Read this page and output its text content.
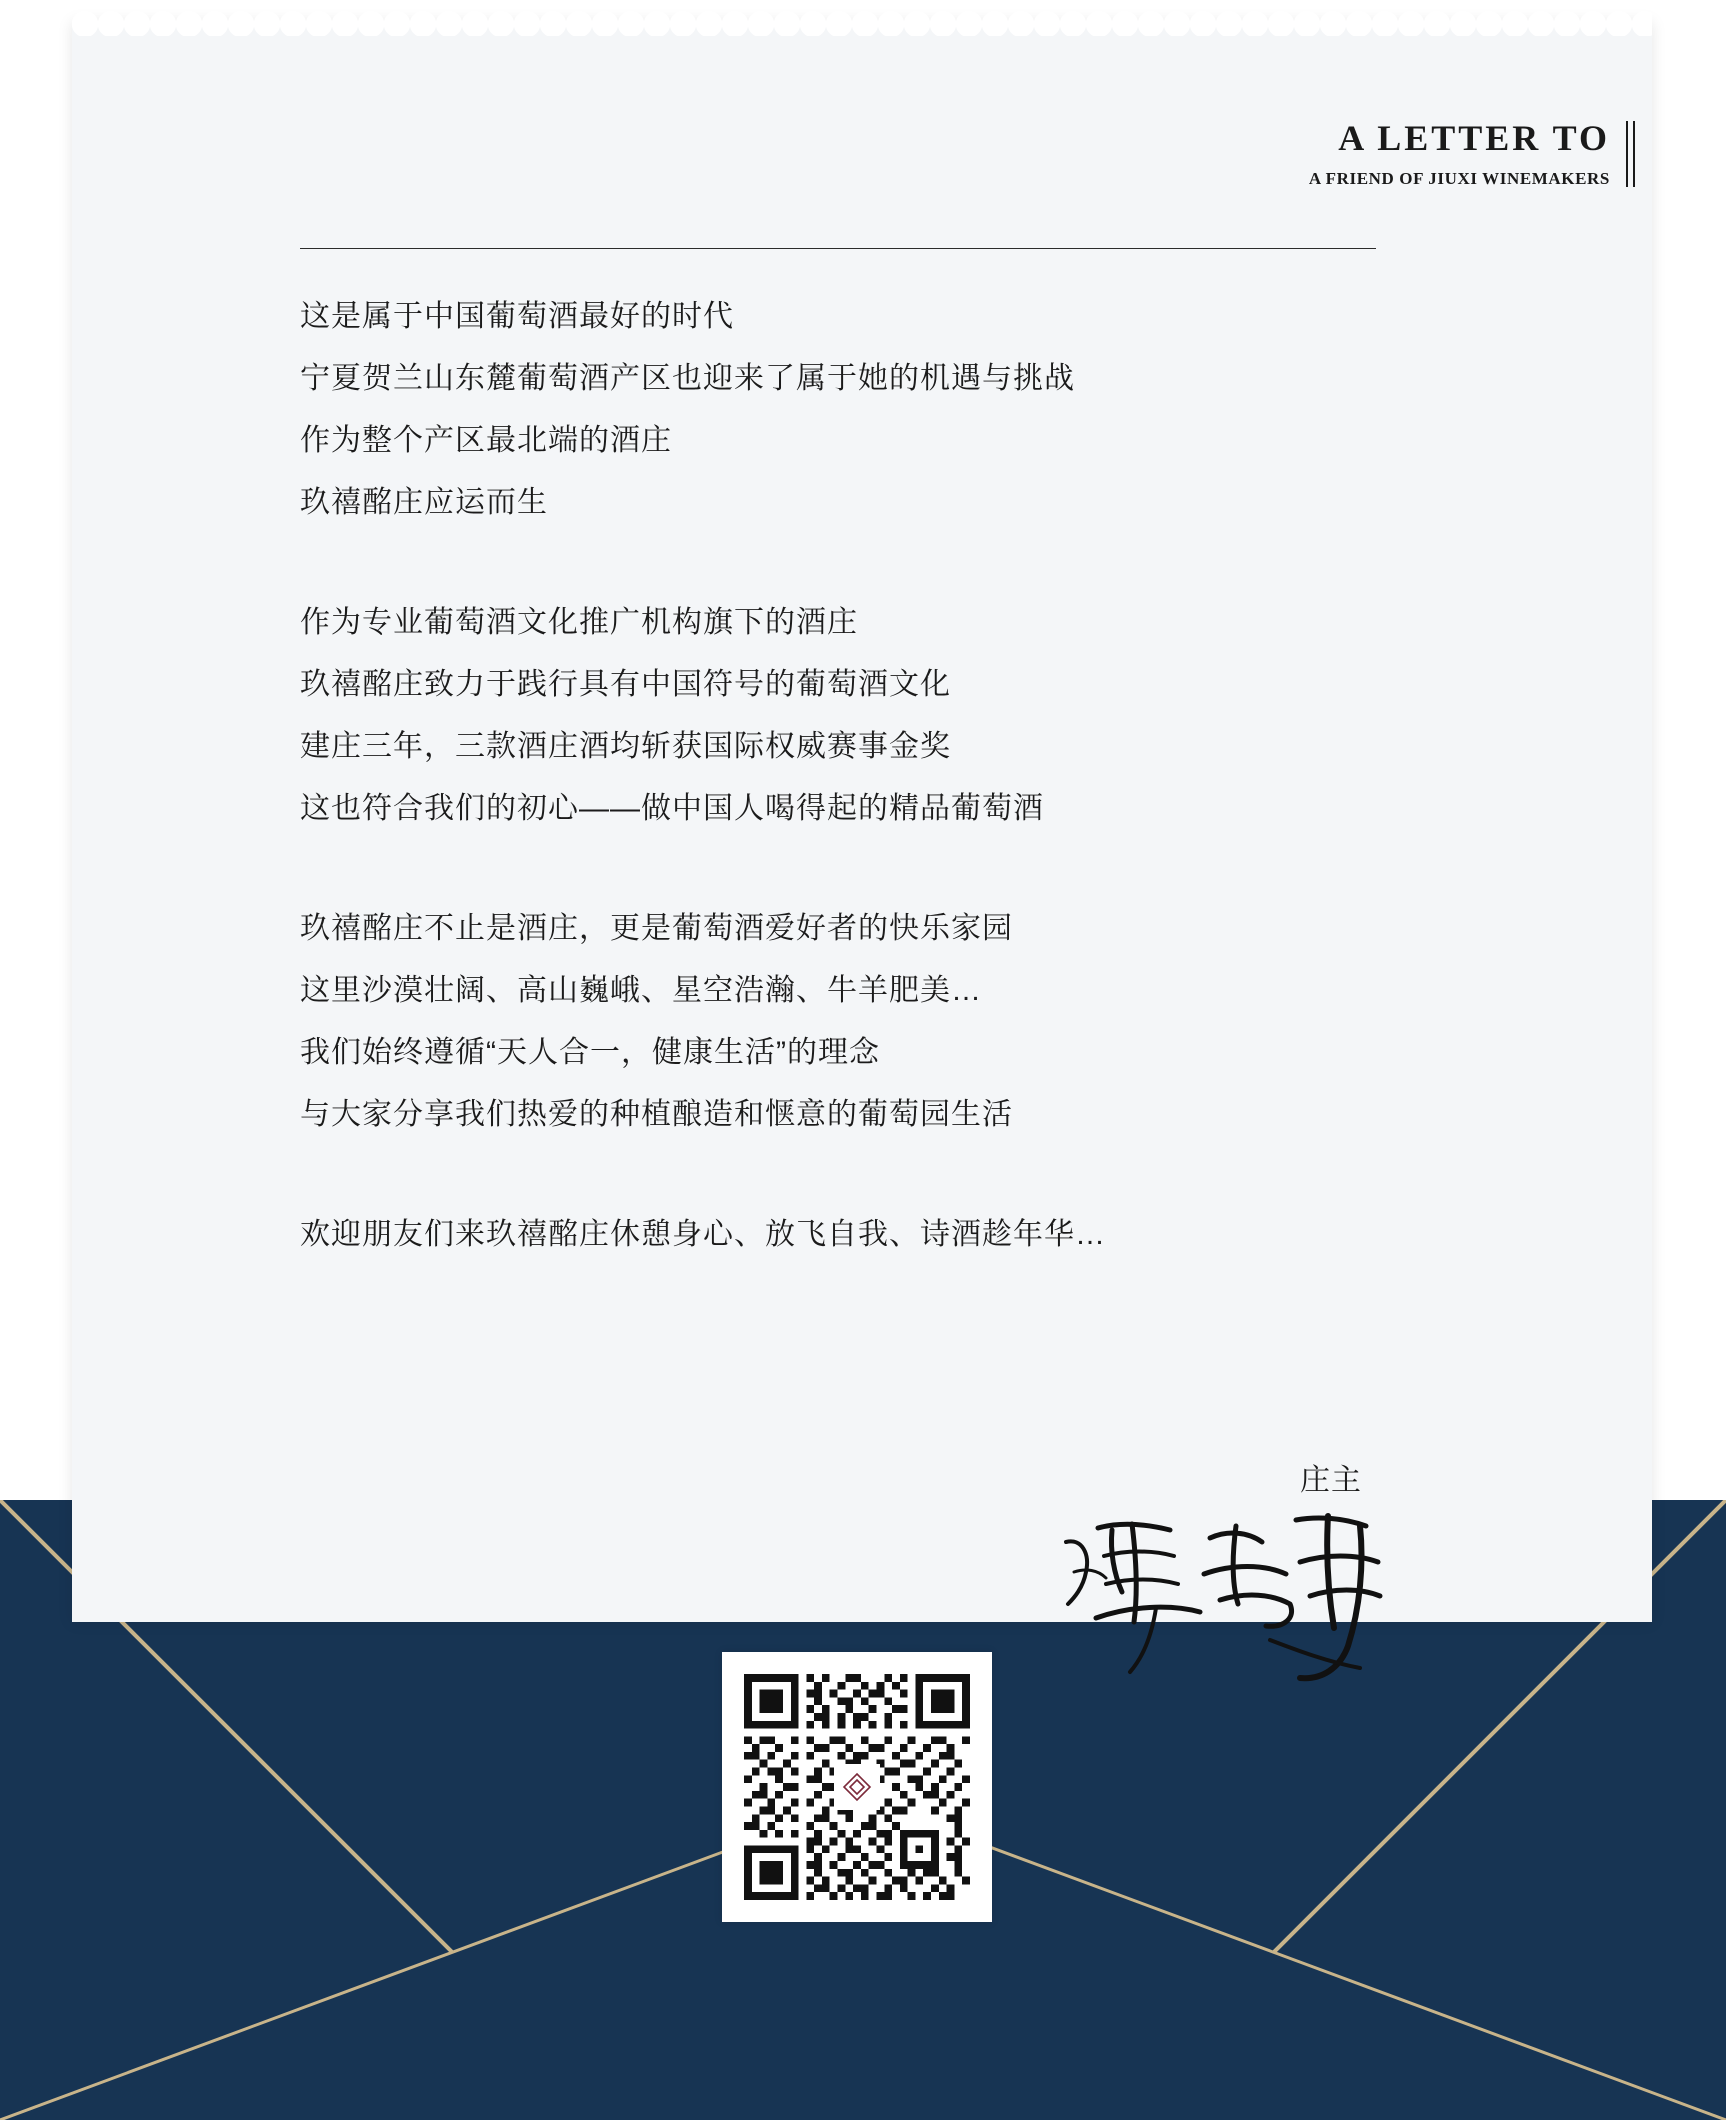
A LETTER TO
A FRIEND OF JIUXI WINEMAKERS

这是属于中国葡萄酒最好的时代
宁夏贺兰山东麓葡萄酒产区也迎来了属于她的机遇与挑战
作为整个产区最北端的酒庄
玖禧酩庄应运而生

作为专业葡萄酒文化推广机构旗下的酒庄
玖禧酩庄致力于践行具有中国符号的葡萄酒文化
建庄三年，三款酒庄酒均斩获国际权威赛事金奖
这也符合我们的初心——做中国人喝得起的精品葡萄酒

玖禧酩庄不止是酒庄，更是葡萄酒爱好者的快乐家园
这里沙漠壮阔、高山巍峨、星空浩瀚、牛羊肥美…
我们始终遵循“天人合一，健康生活”的理念
与大家分享我们热爱的种植酿造和惬意的葡萄园生活

欢迎朋友们来玖禧酩庄休憩身心、放飞自我、诗酒趁年华…

庄主
